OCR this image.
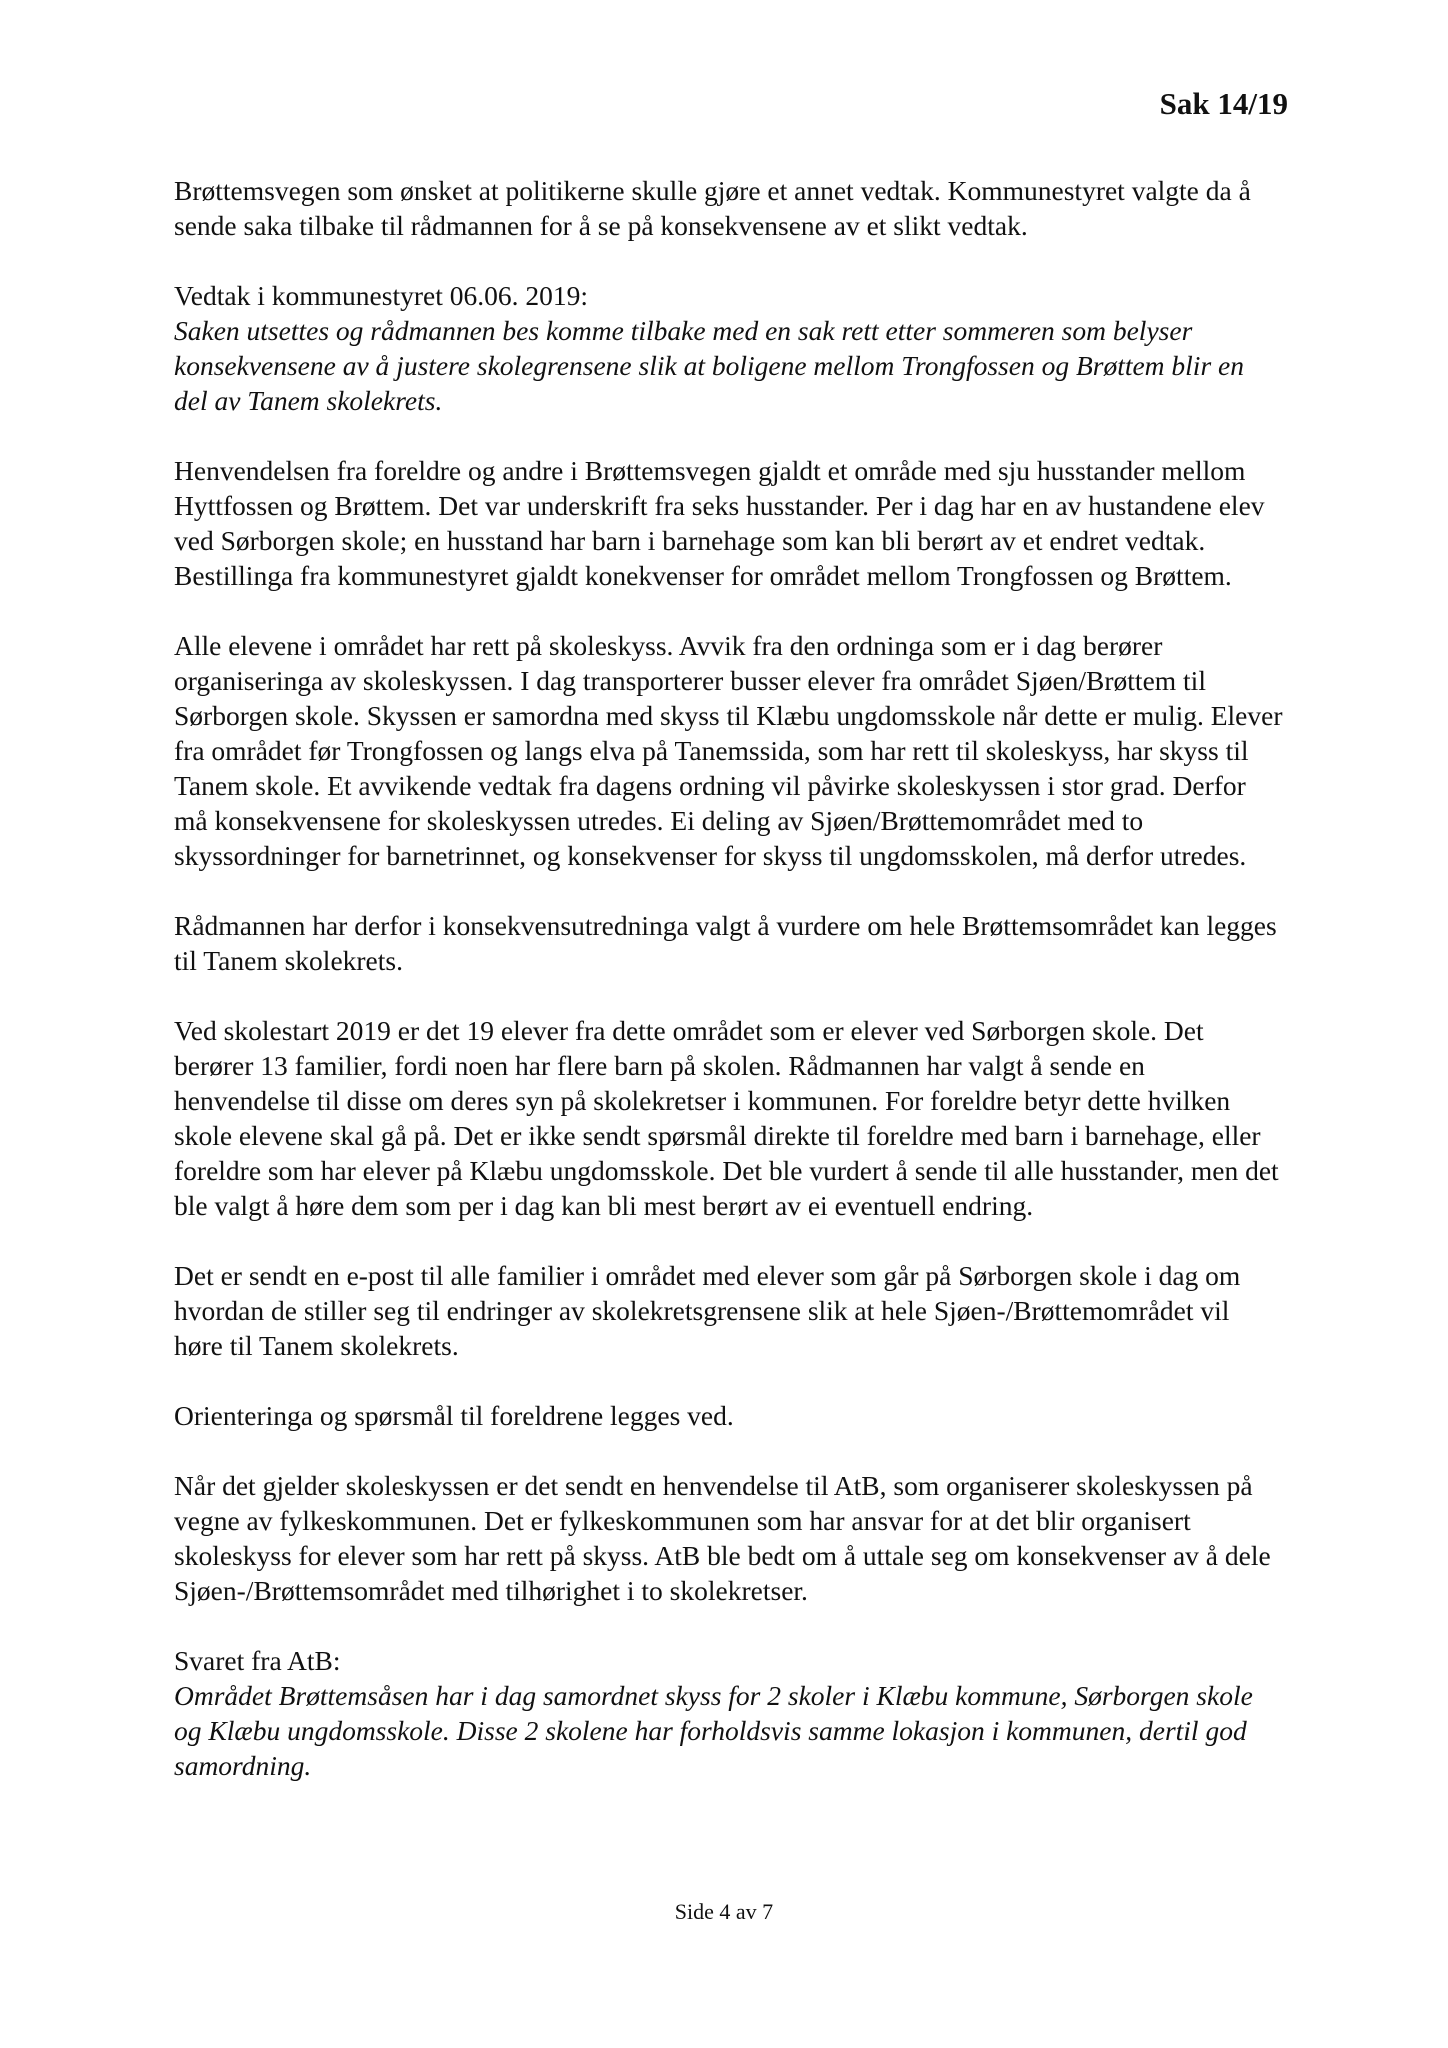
Sak 14/19

Brøttemsvegen som ønsket at politikerne skulle gjøre et annet vedtak. Kommunestyret valgte da å sende saka tilbake til rådmannen for å se på konsekvensene av et slikt vedtak.

Vedtak i kommunestyret 06.06. 2019:

Saken utsettes og rådmannen bes komme tilbake med en sak rett etter sommeren som belyser konsekvensene av å justere skolegrensene slik at boligene mellom Trongfossen og Brøttem blir en del av Tanem skolekrets.

Henvendelsen fra foreldre og andre i Brøttemsvegen gjaldt et område med sju husstander mellom Hyttfossen og Brøttem. Det var underskrift fra seks husstander. Per i dag har en av hustandene elev ved Sørborgen skole; en husstand har barn i barnehage som kan bli berørt av et endret vedtak. Bestillinga fra kommunestyret gjaldt konekvenser for området mellom Trongfossen og Brøttem.

Alle elevene i området har rett på skoleskyss. Avvik fra den ordninga som er i dag berører organiseringa av skoleskyssen. I dag transporterer busser elever fra området Sjøen/Brøttem til Sørborgen skole. Skyssen er samordna med skyss til Klæbu ungdomsskole når dette er mulig. Elever fra området før Trongfossen og langs elva på Tanemssida, som har rett til skoleskyss, har skyss til Tanem skole. Et avvikende vedtak fra dagens ordning vil påvirke skoleskyssen i stor grad. Derfor må konsekvensene for skoleskyssen utredes. Ei deling av Sjøen/Brøttemområdet med to skyssordninger for barnetrinnet, og konsekvenser for skyss til ungdomsskolen, må derfor utredes.

Rådmannen har derfor i konsekvensutredninga valgt å vurdere om hele Brøttemsområdet kan legges til Tanem skolekrets.

Ved skolestart 2019 er det 19 elever fra dette området som er elever ved Sørborgen skole. Det berører 13 familier, fordi noen har flere barn på skolen. Rådmannen har valgt å sende en henvendelse til disse om deres syn på skolekretser i kommunen. For foreldre betyr dette hvilken skole elevene skal gå på. Det er ikke sendt spørsmål direkte til foreldre med barn i barnehage, eller foreldre som har elever på Klæbu ungdomsskole. Det ble vurdert å sende til alle husstander, men det ble valgt å høre dem som per i dag kan bli mest berørt av ei eventuell endring.

Det er sendt en e-post til alle familier i området med elever som går på Sørborgen skole i dag om hvordan de stiller seg til endringer av skolekretsgrensene slik at hele Sjøen-/Brøttemområdet vil høre til Tanem skolekrets.

Orienteringa og spørsmål til foreldrene legges ved.

Når det gjelder skoleskyssen er det sendt en henvendelse til AtB, som organiserer skoleskyssen på vegne av fylkeskommunen. Det er fylkeskommunen som har ansvar for at det blir organisert skoleskyss for elever som har rett på skyss. AtB ble bedt om å uttale seg om konsekvenser av å dele Sjøen-/Brøttemsområdet med tilhørighet i to skolekretser.

Svaret fra AtB:

Området Brøttemsåsen har i dag samordnet skyss for 2 skoler i Klæbu kommune, Sørborgen skole og Klæbu ungdomsskole. Disse 2 skolene har forholdsvis samme lokasjon i kommunen, dertil god samordning.

Side 4 av 7
